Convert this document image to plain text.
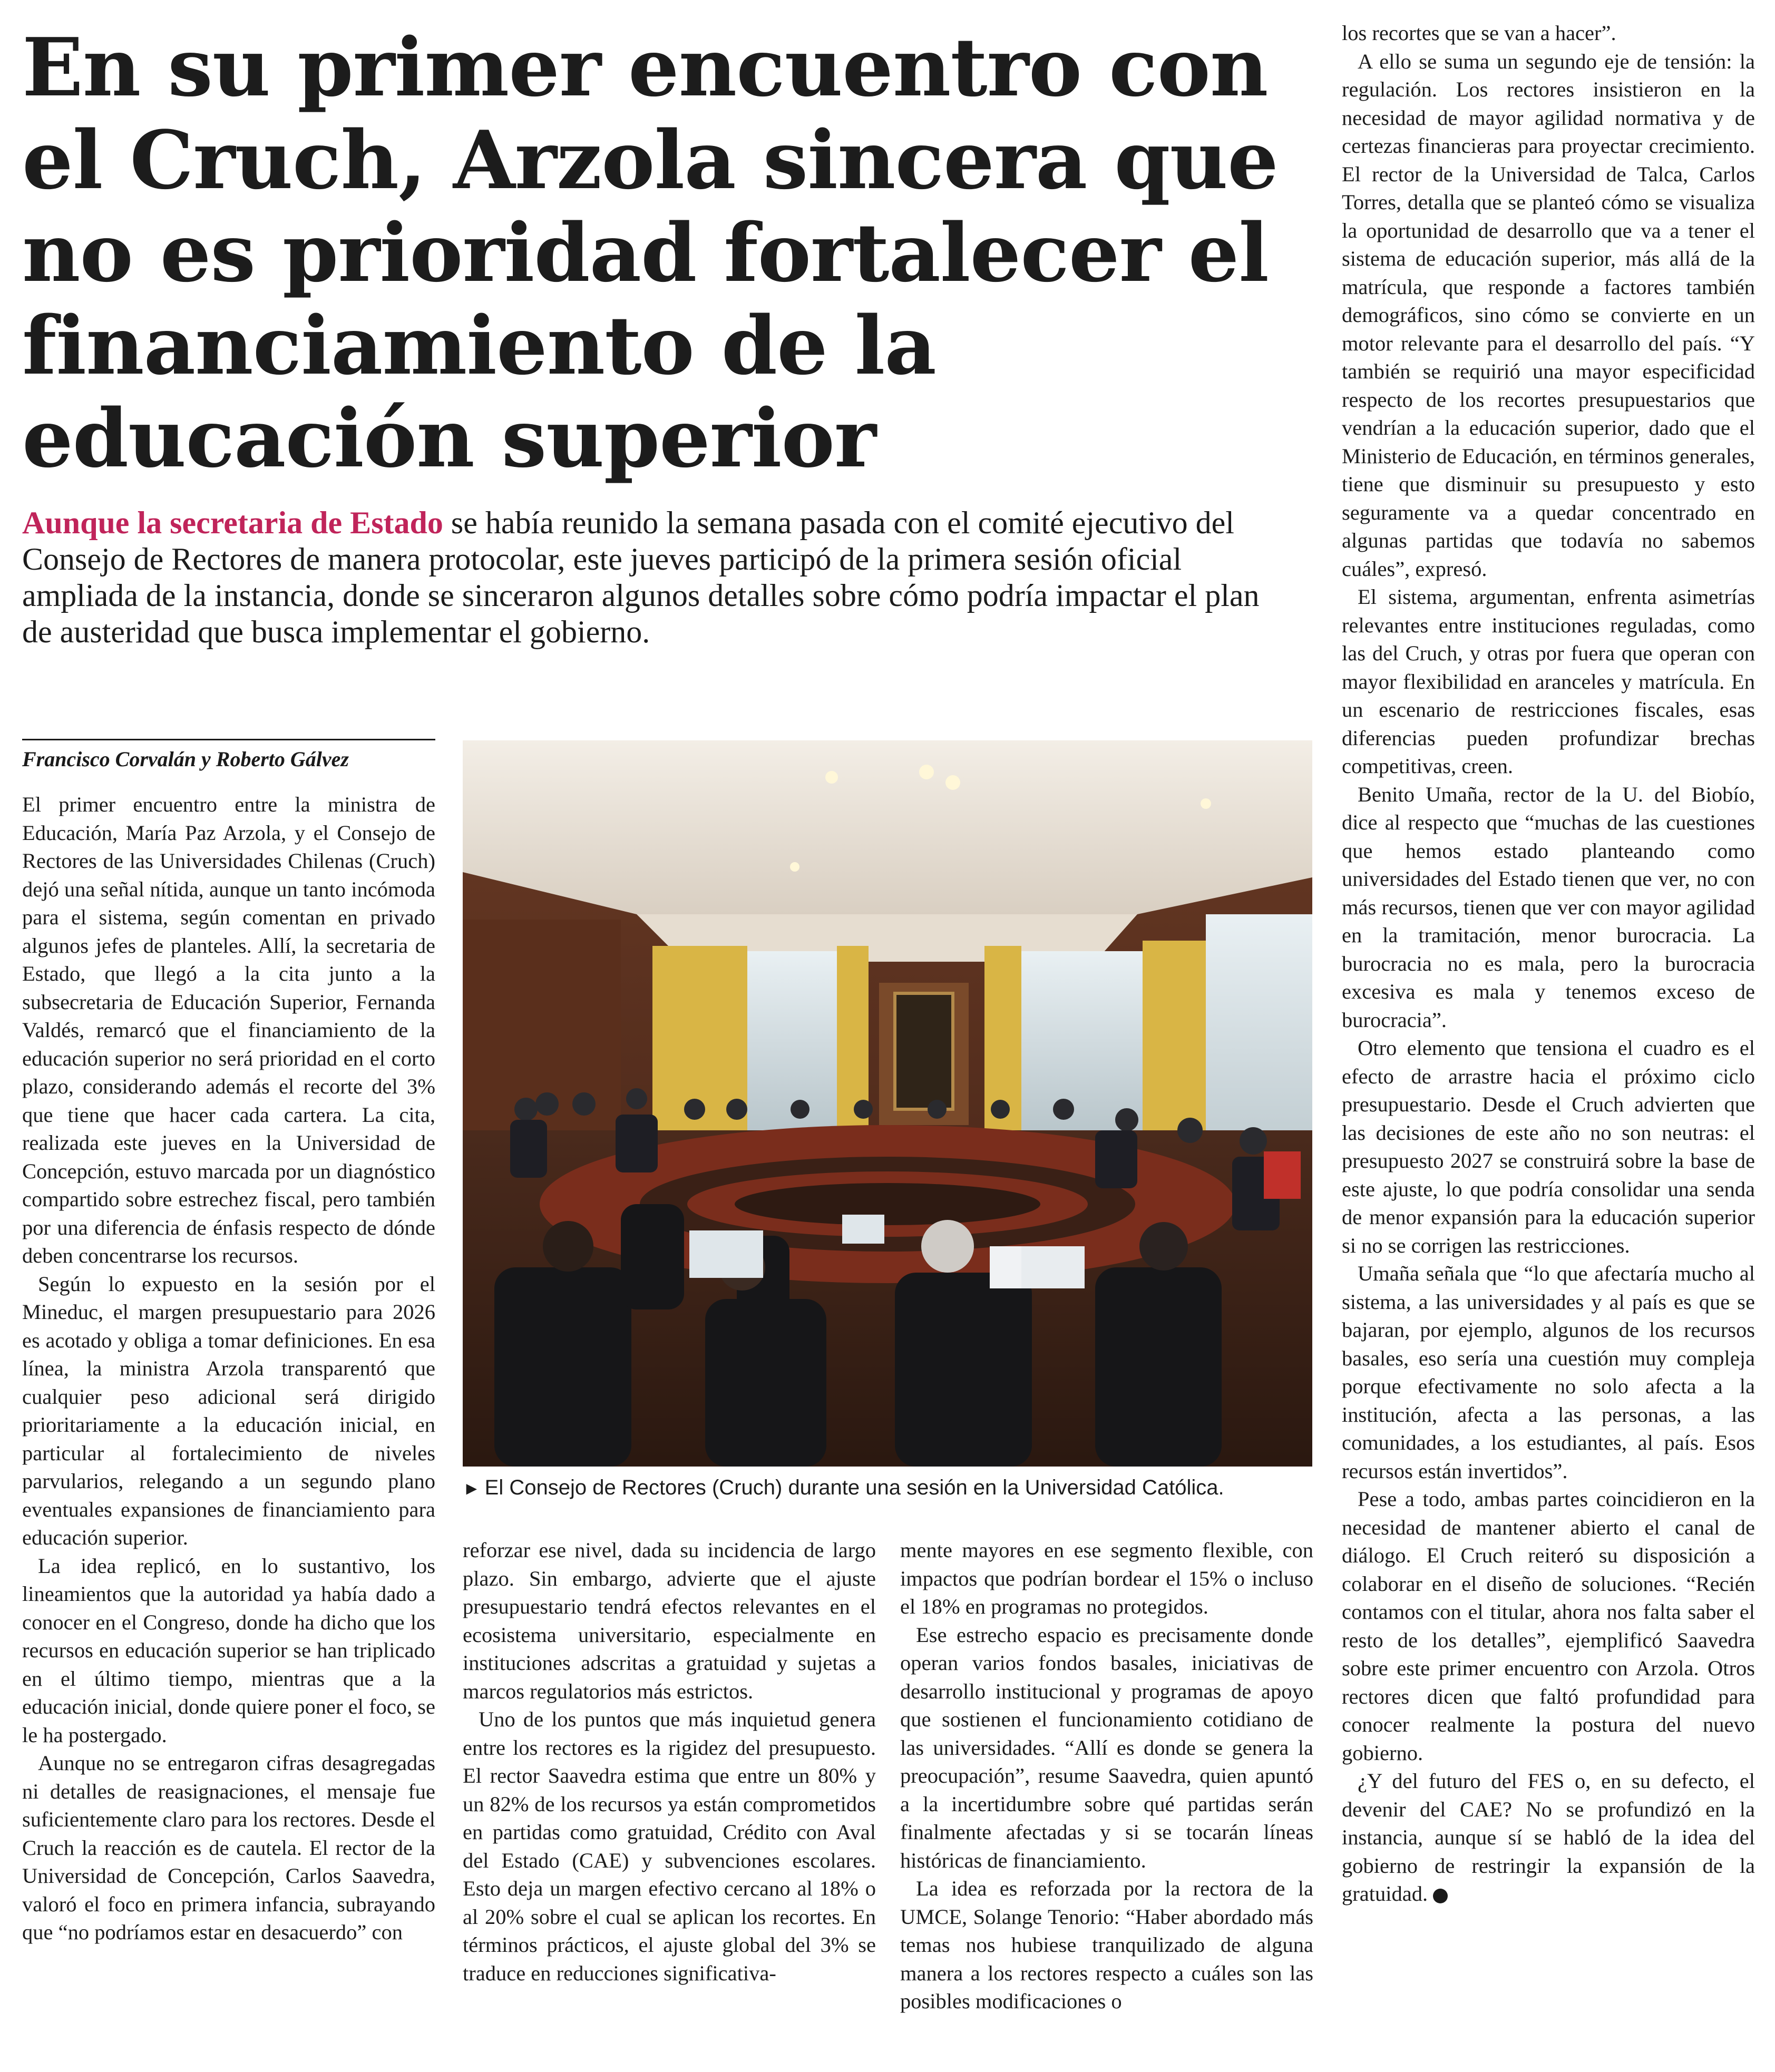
En su primer encuentro con el Cruch, Arzola sincera que no es prioridad fortalecer el financiamiento de la educación superior

Aunque la secretaria de Estado se había reunido la semana pasada con el comité ejecutivo del Consejo de Rectores de manera protocolar, este jueves participó de la primera sesión oficial ampliada de la instancia, donde se sinceraron algunos detalles sobre cómo podría impactar el plan de austeridad que busca implementar el gobierno.

Francisco Corvalán y Roberto Gálvez

El primer encuentro entre la ministra de Educación, María Paz Arzola, y el Consejo de Rectores de las Universidades Chilenas (Cruch) dejó una señal nítida, aunque un tanto incómoda para el sistema, según comentan en privado algunos jefes de planteles. Allí, la secretaria de Estado, que llegó a la cita junto a la subsecretaria de Educación Superior, Fernanda Valdés, remarcó que el financiamiento de la educación superior no será prioridad en el corto plazo, considerando además el recorte del 3% que tiene que hacer cada cartera. La cita, realizada este jueves en la Universidad de Concepción, estuvo marcada por un diagnóstico compartido sobre estrechez fiscal, pero también por una diferencia de énfasis respecto de dónde deben concentrarse los recursos.

Según lo expuesto en la sesión por el Mineduc, el margen presupuestario para 2026 es acotado y obliga a tomar definiciones. En esa línea, la ministra Arzola transparentó que cualquier peso adicional será dirigido prioritariamente a la educación inicial, en particular al fortalecimiento de niveles parvularios, relegando a un segundo plano eventuales expansiones de financiamiento para educación superior.

La idea replicó, en lo sustantivo, los lineamientos que la autoridad ya había dado a conocer en el Congreso, donde ha dicho que los recursos en educación superior se han triplicado en el último tiempo, mientras que a la educación inicial, donde quiere poner el foco, se le ha postergado.

Aunque no se entregaron cifras desagregadas ni detalles de reasignaciones, el mensaje fue suficientemente claro para los rectores. Desde el Cruch la reacción es de cautela. El rector de la Universidad de Concepción, Carlos Saavedra, valoró el foco en primera infancia, subrayando que “no podríamos estar en desacuerdo” con

► El Consejo de Rectores (Cruch) durante una sesión en la Universidad Católica.

reforzar ese nivel, dada su incidencia de largo plazo. Sin embargo, advierte que el ajuste presupuestario tendrá efectos relevantes en el ecosistema universitario, especialmente en instituciones adscritas a gratuidad y sujetas a marcos regulatorios más estrictos.

Uno de los puntos que más inquietud genera entre los rectores es la rigidez del presupuesto. El rector Saavedra estima que entre un 80% y un 82% de los recursos ya están comprometidos en partidas como gratuidad, Crédito con Aval del Estado (CAE) y subvenciones escolares. Esto deja un margen efectivo cercano al 18% o al 20% sobre el cual se aplican los recortes. En términos prácticos, el ajuste global del 3% se traduce en reducciones significativa-

mente mayores en ese segmento flexible, con impactos que podrían bordear el 15% o incluso el 18% en programas no protegidos.

Ese estrecho espacio es precisamente donde operan varios fondos basales, iniciativas de desarrollo institucional y programas de apoyo que sostienen el funcionamiento cotidiano de las universidades. “Allí es donde se genera la preocupación”, resume Saavedra, quien apuntó a la incertidumbre sobre qué partidas serán finalmente afectadas y si se tocarán líneas históricas de financiamiento.

La idea es reforzada por la rectora de la UMCE, Solange Tenorio: “Haber abordado más temas nos hubiese tranquilizado de alguna manera a los rectores respecto a cuáles son las posibles modificaciones o

los recortes que se van a hacer”.

A ello se suma un segundo eje de tensión: la regulación. Los rectores insistieron en la necesidad de mayor agilidad normativa y de certezas financieras para proyectar crecimiento. El rector de la Universidad de Talca, Carlos Torres, detalla que se planteó cómo se visualiza la oportunidad de desarrollo que va a tener el sistema de educación superior, más allá de la matrícula, que responde a factores también demográficos, sino cómo se convierte en un motor relevante para el desarrollo del país. “Y también se requirió una mayor especificidad respecto de los recortes presupuestarios que vendrían a la educación superior, dado que el Ministerio de Educación, en términos generales, tiene que disminuir su presupuesto y esto seguramente va a quedar concentrado en algunas partidas que todavía no sabemos cuáles”, expresó.

El sistema, argumentan, enfrenta asimetrías relevantes entre instituciones reguladas, como las del Cruch, y otras por fuera que operan con mayor flexibilidad en aranceles y matrícula. En un escenario de restricciones fiscales, esas diferencias pueden profundizar brechas competitivas, creen.

Benito Umaña, rector de la U. del Biobío, dice al respecto que “muchas de las cuestiones que hemos estado planteando como universidades del Estado tienen que ver, no con más recursos, tienen que ver con mayor agilidad en la tramitación, menor burocracia. La burocracia no es mala, pero la burocracia excesiva es mala y tenemos exceso de burocracia”.

Otro elemento que tensiona el cuadro es el efecto de arrastre hacia el próximo ciclo presupuestario. Desde el Cruch advierten que las decisiones de este año no son neutras: el presupuesto 2027 se construirá sobre la base de este ajuste, lo que podría consolidar una senda de menor expansión para la educación superior si no se corrigen las restricciones.

Umaña señala que “lo que afectaría mucho al sistema, a las universidades y al país es que se bajaran, por ejemplo, algunos de los recursos basales, eso sería una cuestión muy compleja porque efectivamente no solo afecta a la institución, afecta a las personas, a las comunidades, a los estudiantes, al país. Esos recursos están invertidos”.

Pese a todo, ambas partes coincidieron en la necesidad de mantener abierto el canal de diálogo. El Cruch reiteró su disposición a colaborar en el diseño de soluciones. “Recién contamos con el titular, ahora nos falta saber el resto de los detalles”, ejemplificó Saavedra sobre este primer encuentro con Arzola. Otros rectores dicen que faltó profundidad para conocer realmente la postura del nuevo gobierno.

¿Y del futuro del FES o, en su defecto, el devenir del CAE? No se profundizó en la instancia, aunque sí se habló de la idea del gobierno de restringir la expansión de la gratuidad.
